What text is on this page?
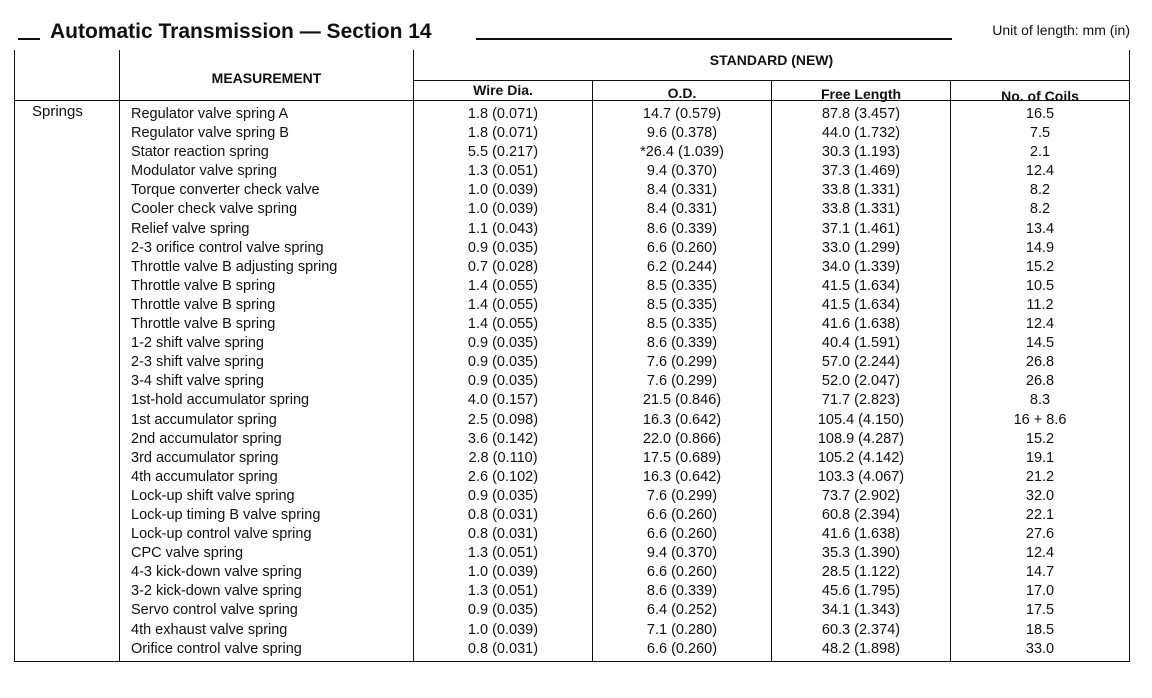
Automatic Transmission — Section 14	Unit of length: mm (in)
MEASUREMENT
STANDARD (NEW)
Wire Dia.	O.D.	Free Length	No. of Coils
Springs	Regulator valve spring A	1.8 (0.071)	14.7 (0.579)	87.8 (3.457)	16.5
Regulator valve spring B	1.8 (0.071)	9.6 (0.378)	44.0 (1.732)	7.5
Stator reaction spring	5.5 (0.217)	*26.4 (1.039)	30.3 (1.193)	2.1
Modulator valve spring	1.3 (0.051)	9.4 (0.370)	37.3 (1.469)	12.4
Torque converter check valve	1.0 (0.039)	8.4 (0.331)	33.8 (1.331)	8.2
Cooler check valve spring	1.0 (0.039)	8.4 (0.331)	33.8 (1.331)	8.2
Relief valve spring	1.1 (0.043)	8.6 (0.339)	37.1 (1.461)	13.4
2-3 orifice control valve spring	0.9 (0.035)	6.6 (0.260)	33.0 (1.299)	14.9
Throttle valve B adjusting spring	0.7 (0.028)	6.2 (0.244)	34.0 (1.339)	15.2
Throttle valve B spring	1.4 (0.055)	8.5 (0.335)	41.5 (1.634)	10.5
Throttle valve B spring	1.4 (0.055)	8.5 (0.335)	41.5 (1.634)	11.2
Throttle valve B spring	1.4 (0.055)	8.5 (0.335)	41.6 (1.638)	12.4
1-2 shift valve spring	0.9 (0.035)	8.6 (0.339)	40.4 (1.591)	14.5
2-3 shift valve spring	0.9 (0.035)	7.6 (0.299)	57.0 (2.244)	26.8
3-4 shift valve spring	0.9 (0.035)	7.6 (0.299)	52.0 (2.047)	26.8
1st-hold accumulator spring	4.0 (0.157)	21.5 (0.846)	71.7 (2.823)	8.3
1st accumulator spring	2.5 (0.098)	16.3 (0.642)	105.4 (4.150)	16 + 8.6
2nd accumulator spring	3.6 (0.142)	22.0 (0.866)	108.9 (4.287)	15.2
3rd accumulator spring	2.8 (0.110)	17.5 (0.689)	105.2 (4.142)	19.1
4th accumulator spring	2.6 (0.102)	16.3 (0.642)	103.3 (4.067)	21.2
Lock-up shift valve spring	0.9 (0.035)	7.6 (0.299)	73.7 (2.902)	32.0
Lock-up timing B valve spring	0.8 (0.031)	6.6 (0.260)	60.8 (2.394)	22.1
Lock-up control valve spring	0.8 (0.031)	6.6 (0.260)	41.6 (1.638)	27.6
CPC valve spring	1.3 (0.051)	9.4 (0.370)	35.3 (1.390)	12.4
4-3 kick-down valve spring	1.0 (0.039)	6.6 (0.260)	28.5 (1.122)	14.7
3-2 kick-down valve spring	1.3 (0.051)	8.6 (0.339)	45.6 (1.795)	17.0
Servo control valve spring	0.9 (0.035)	6.4 (0.252)	34.1 (1.343)	17.5
4th exhaust valve spring	1.0 (0.039)	7.1 (0.280)	60.3 (2.374)	18.5
Orifice control valve spring	0.8 (0.031)	6.6 (0.260)	48.2 (1.898)	33.0
